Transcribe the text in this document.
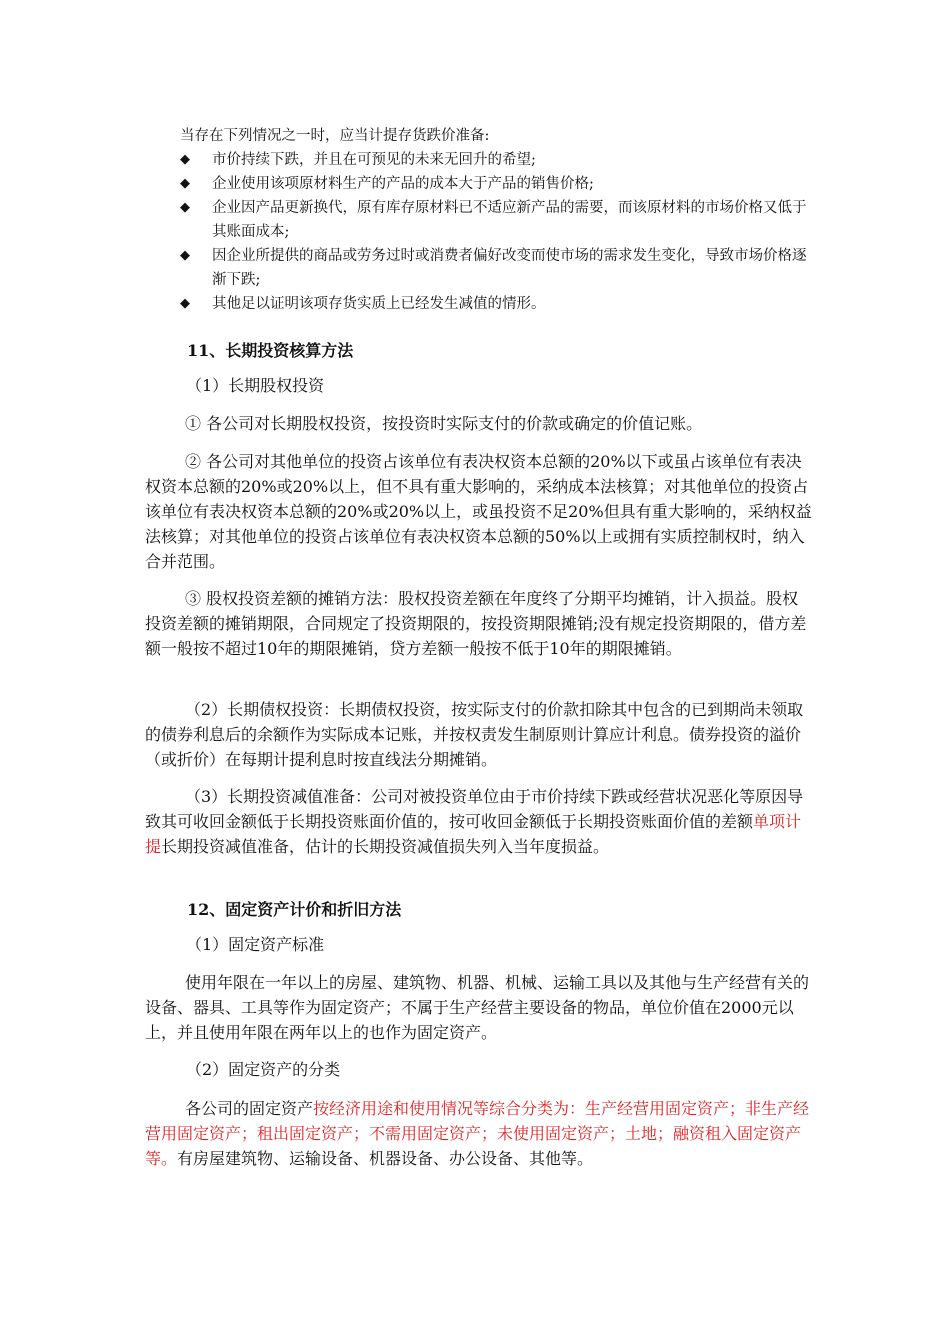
当存在下列情况之一时，应当计提存货跌价准备:
◆ 市价持续下跌，并且在可预见的未来无回升的希望;
◆ 企业使用该项原材料生产的产品的成本大于产品的销售价格;
◆ 企业因产品更新换代，原有库存原材料已不适应新产品的需要，而该原材料的市场价格又低于其账面成本;
◆ 因企业所提供的商品或劳务过时或消费者偏好改变而使市场的需求发生变化，导致市场价格逐渐下跌;
◆ 其他足以证明该项存货实质上已经发生减值的情形。
11、长期投资核算方法
（1）长期股权投资

① 各公司对长期股权投资，按投资时实际支付的价款或确定的价值记账。

② 各公司对其他单位的投资占该单位有表决权资本总额的20%以下或虽占该单位有表决权资本总额的20%或20%以上，但不具有重大影响的，采纳成本法核算；对其他单位的投资占该单位有表决权资本总额的20%或20%以上，或虽投资不足20%但具有重大影响的，采纳权益法核算；对其他单位的投资占该单位有表决权资本总额的50%以上或拥有实质控制权时，纳入合并范围。

③ 股权投资差额的摊销方法：股权投资差额在年度终了分期平均摊销，计入损益。股权投资差额的摊销期限，合同规定了投资期限的，按投资期限摊销;没有规定投资期限的，借方差额一般按不超过10年的期限摊销，贷方差额一般按不低于10年的期限摊销。

（2）长期债权投资：长期债权投资，按实际支付的价款扣除其中包含的已到期尚未领取的债券利息后的余额作为实际成本记账，并按权责发生制原则计算应计利息。债券投资的溢价（或折价）在每期计提利息时按直线法分期摊销。

（3）长期投资减值准备：公司对被投资单位由于市价持续下跌或经营状况恶化等原因导致其可收回金额低于长期投资账面价值的，按可收回金额低于长期投资账面价值的差额单项计提长期投资减值准备，估计的长期投资减值损失列入当年度损益。

12、固定资产计价和折旧方法
（1）固定资产标准

使用年限在一年以上的房屋、建筑物、机器、机械、运输工具以及其他与生产经营有关的设备、器具、工具等作为固定资产；不属于生产经营主要设备的物品，单位价值在2000元以上，并且使用年限在两年以上的也作为固定资产。

（2）固定资产的分类

各公司的固定资产按经济用途和使用情况等综合分类为：生产经营用固定资产；非生产经营用固定资产；租出固定资产；不需用固定资产；未使用固定资产；土地；融资租入固定资产等。有房屋建筑物、运输设备、机器设备、办公设备、其他等。
